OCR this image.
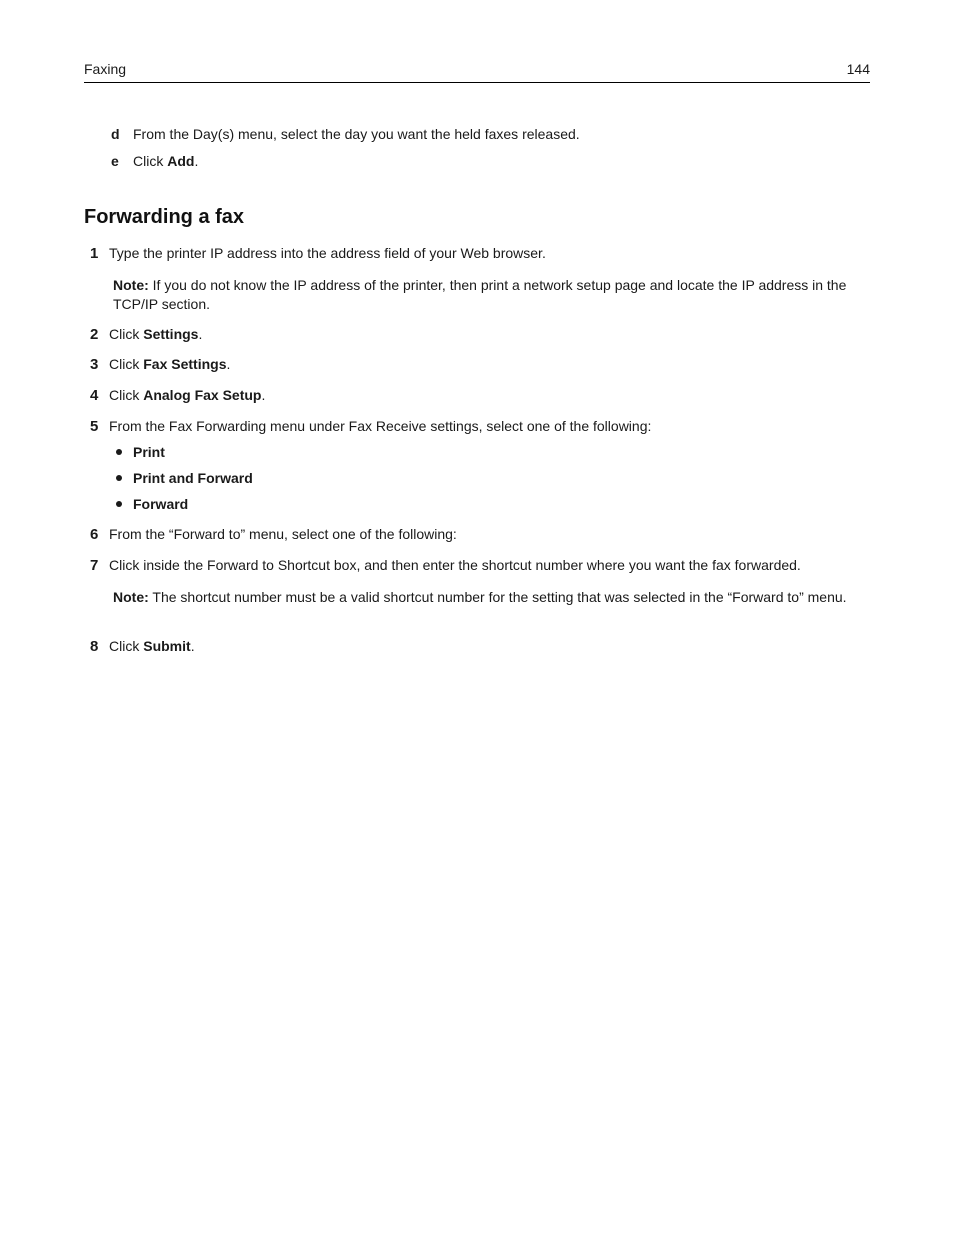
Faxing	144
d From the Day(s) menu, select the day you want the held faxes released.
e Click Add.
Forwarding a fax
1 Type the printer IP address into the address field of your Web browser.
Note: If you do not know the IP address of the printer, then print a network setup page and locate the IP address in the TCP/IP section.
2 Click Settings.
3 Click Fax Settings.
4 Click Analog Fax Setup.
5 From the Fax Forwarding menu under Fax Receive settings, select one of the following:
Print
Print and Forward
Forward
6 From the “Forward to” menu, select one of the following:
7 Click inside the Forward to Shortcut box, and then enter the shortcut number where you want the fax forwarded.
Note: The shortcut number must be a valid shortcut number for the setting that was selected in the “Forward to” menu.
8 Click Submit.
